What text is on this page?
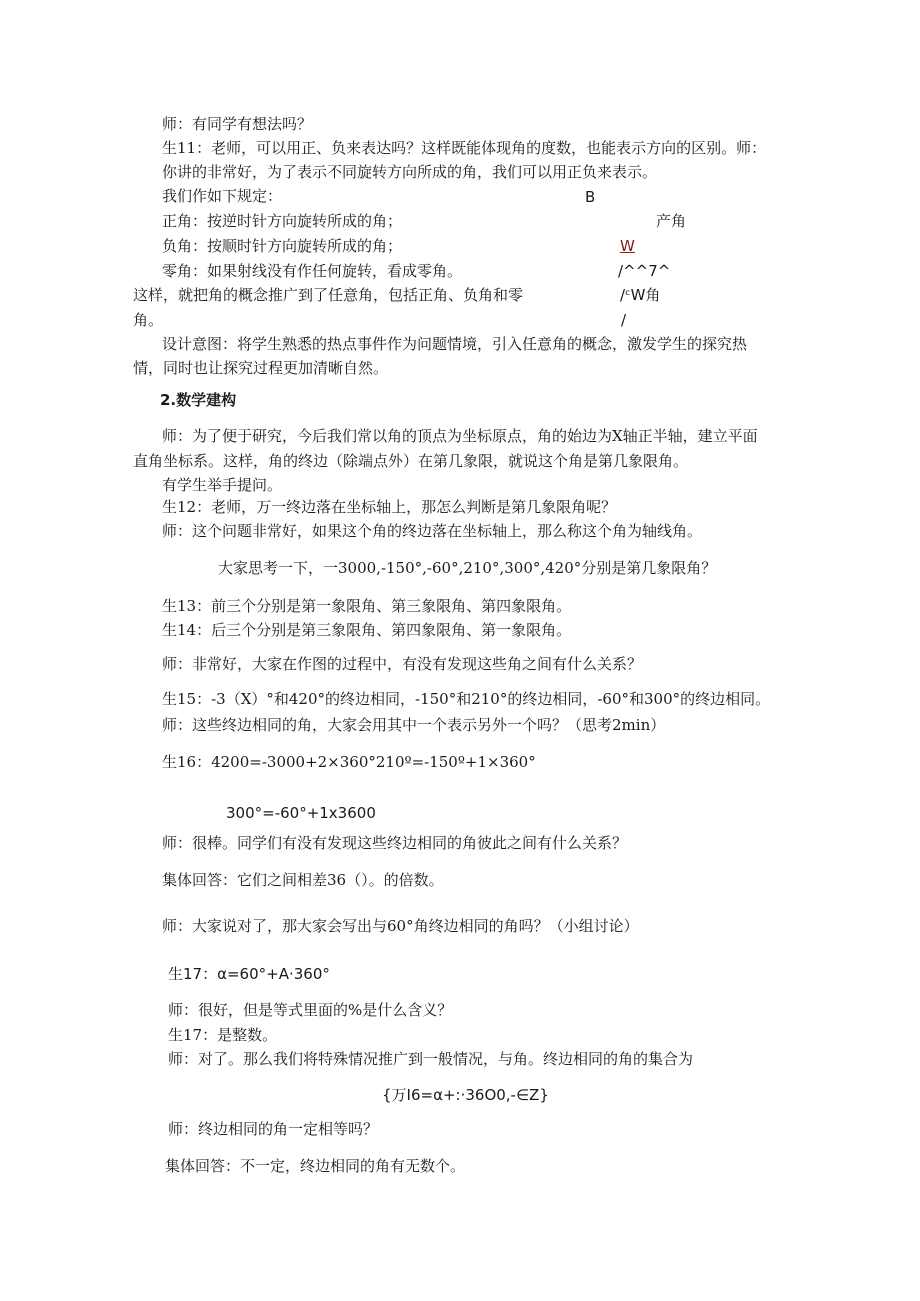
师：有同学有想法吗？
生11：老师，可以用正、负来表达吗？这样既能体现角的度数，也能表示方向的区别。师：
你讲的非常好，为了表示不同旋转方向所成的角，我们可以用正负来表示。
我们作如下规定：
正角：按逆时针方向旋转所成的角；
负角：按顺时针方向旋转所成的角；
零角：如果射线没有作任何旋转，看成零角。
这样，就把角的概念推广到了任意角，包括正角、负角和零
角。
B
产角
W
/^^7^
/ᶜW角
/
设计意图：将学生熟悉的热点事件作为问题情境，引入任意角的概念，激发学生的探究热
情，同时也让探究过程更加清晰自然。
2.数学建构
师：为了便于研究，今后我们常以角的顶点为坐标原点，角的始边为X轴正半轴，建立平面
直角坐标系。这样，角的终边（除端点外）在第几象限，就说这个角是第几象限角。
有学生举手提问。
生12：老师，万一终边落在坐标轴上，那怎么判断是第几象限角呢？
师：这个问题非常好，如果这个角的终边落在坐标轴上，那么称这个角为轴线角。
大家思考一下，一3000,-150°,-60°,210°,300°,420°分别是第几象限角？
生13：前三个分别是第一象限角、第三象限角、第四象限角。
生14：后三个分别是第三象限角、第四象限角、第一象限角。
师：非常好，大家在作图的过程中，有没有发现这些角之间有什么关系？
生15：-3（X）°和420°的终边相同，-150°和210°的终边相同，-60°和300°的终边相同。
师：这些终边相同的角，大家会用其中一个表示另外一个吗？（思考2min）
生16：4200=-3000+2×360°210º=-150º+1×360°
300°=-60°+1x3600
师：很棒。同学们有没有发现这些终边相同的角彼此之间有什么关系？
集体回答：它们之间相差36（）。的倍数。
师：大家说对了，那大家会写出与60°角终边相同的角吗？（小组讨论）
生17：α=60°+A·360°
师：很好，但是等式里面的%是什么含义？
生17：是整数。
师：对了。那么我们将特殊情况推广到一般情况，与角。终边相同的角的集合为
{万I6=α+:·36O0,-∈Z}
师：终边相同的角一定相等吗？
集体回答：不一定，终边相同的角有无数个。
